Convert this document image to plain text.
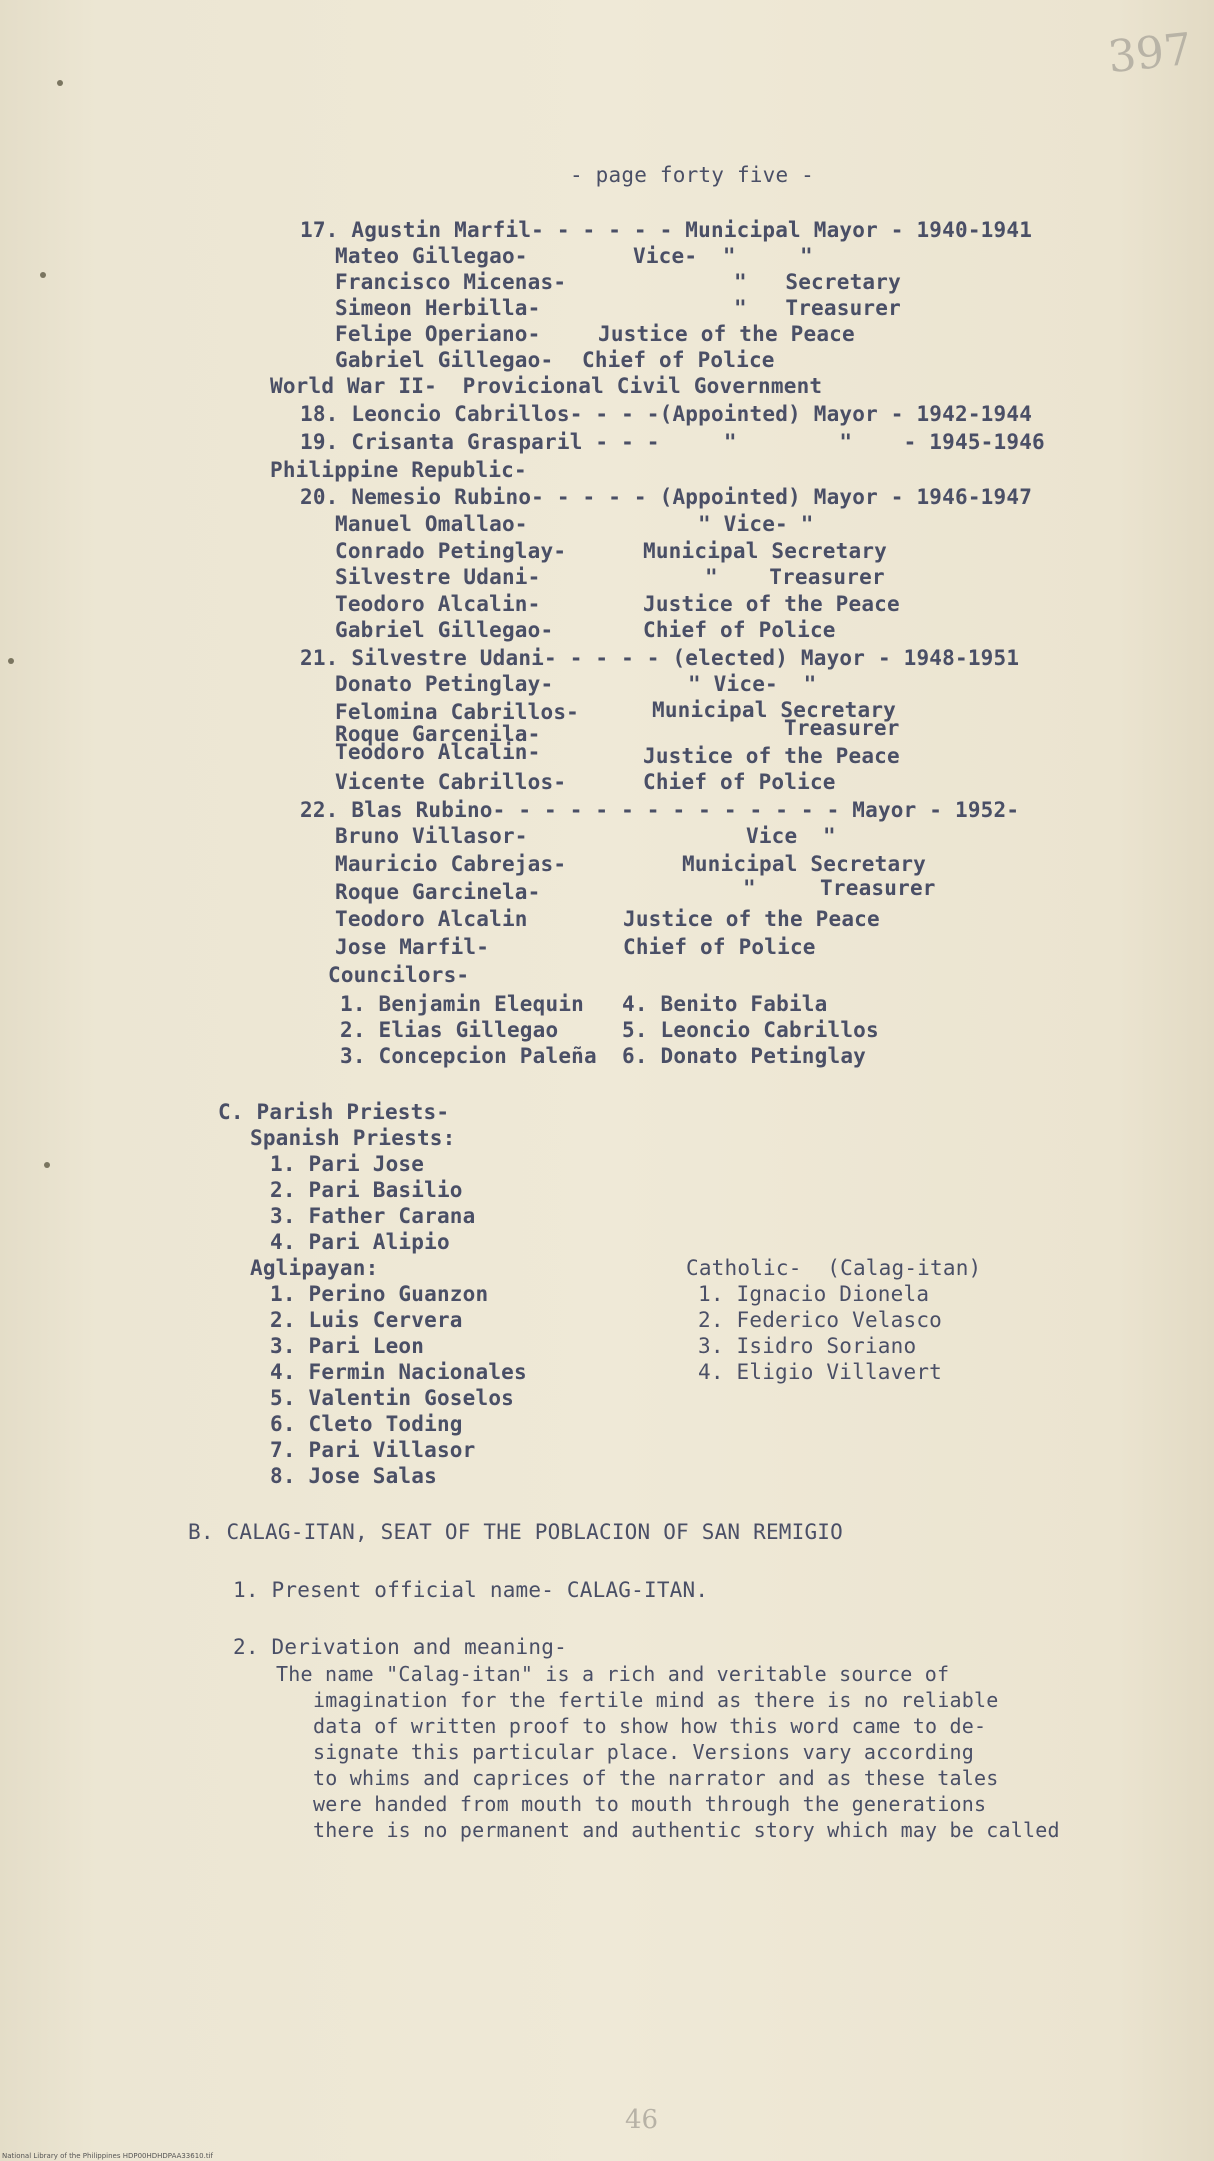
397
- page forty five -
17. Agustin Marfil- - - - - - Municipal Mayor - 1940-1941
Mateo Gillegao-	Vice-  "     "
Francisco Micenas-	"   Secretary
Simeon Herbilla-	"   Treasurer
Felipe Operiano-	Justice of the Peace
Gabriel Gillegao- Chief of Police
World War II-  Provicional Civil Government
18. Leoncio Cabrillos- - - -(Appointed) Mayor - 1942-1944
19. Crisanta Grasparil - - -     "        "    - 1945-1946
Philippine Republic-
20. Nemesio Rubino- - - - - (Appointed) Mayor - 1946-1947
Manuel Omallao-	" Vice- "
Conrado Petinglay-	Municipal Secretary
Silvestre Udani-	"    Treasurer
Teodoro Alcalin-	Justice of the Peace
Gabriel Gillegao-	Chief of Police
21. Silvestre Udani- - - - - (elected) Mayor - 1948-1951
Donato Petinglay-	" Vice-  "
Felomina Cabrillos-	Municipal Secretary
Roque Garcenila-	Treasurer
Teodoro Alcalin-	Justice of the Peace
Vicente Cabrillos-	Chief of Police
22. Blas Rubino- - - - - - - - - - - - - - Mayor - 1952-
Bruno Villasor-	Vice  "
Mauricio Cabrejas-	Municipal Secretary
Roque Garcinela-	"     Treasurer
Teodoro Alcalin	Justice of the Peace
Jose Marfil-	Chief of Police
Councilors-
1. Benjamin Elequin 4. Benito Fabila
2. Elias Gillegao	5. Leoncio Cabrillos
3. Concepcion Paleña 6. Donato Petinglay
C. Parish Priests-
Spanish Priests:
1. Pari Jose
2. Pari Basilio
3. Father Carana
4. Pari Alipio
Aglipayan:
1. Perino Guanzon
2. Luis Cervera
3. Pari Leon
4. Fermin Nacionales
5. Valentin Goselos
6. Cleto Toding
7. Pari Villasor
8. Jose Salas
Catholic-  (Calag-itan)
1. Ignacio Dionela
2. Federico Velasco
3. Isidro Soriano
4. Eligio Villavert
B. CALAG-ITAN, SEAT OF THE POBLACION OF SAN REMIGIO
1. Present official name- CALAG-ITAN.
2. Derivation and meaning-
The name "Calag-itan" is a rich and veritable source of
imagination for the fertile mind as there is no reliable
data of written proof to show how this word came to de-
signate this particular place. Versions vary according
to whims and caprices of the narrator and as these tales
were handed from mouth to mouth through the generations
there is no permanent and authentic story which may be called
46
National Library of the Philippines HDP00HDHDPAA33610.tif
